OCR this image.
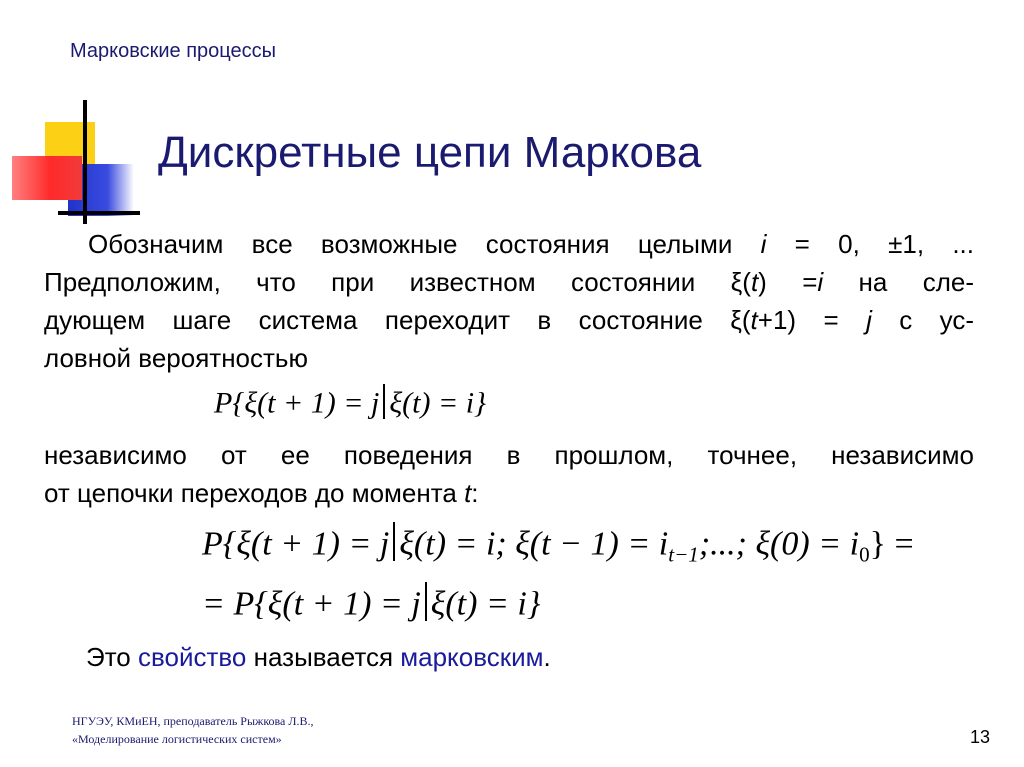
Марковские процессы
Дискретные цепи Маркова
Обозначим все возможные состояния целыми i = 0, ±1, ...
Предположим, что при известном состоянии ξ(t) =i на сле-
дующем шаге система переходит в состояние ξ(t+1) = j с ус-
ловной вероятностью
P{ξ(t + 1) = j ξ(t) = i}
независимо от ее поведения в прошлом, точнее, независимо
от цепочки переходов до момента t:
P{ξ(t + 1) = j ξ(t) = i; $\xi(t - 1) = i_{t-1}$;...; $\xi(0) = i_0$} =
= P{ξ(t + 1) = j ξ(t) = i}
Это свойство называется марковским.
НГУЭУ, КМиЕН, преподаватель Рыжкова Л.В.,
«Моделирование логистических систем»	13
